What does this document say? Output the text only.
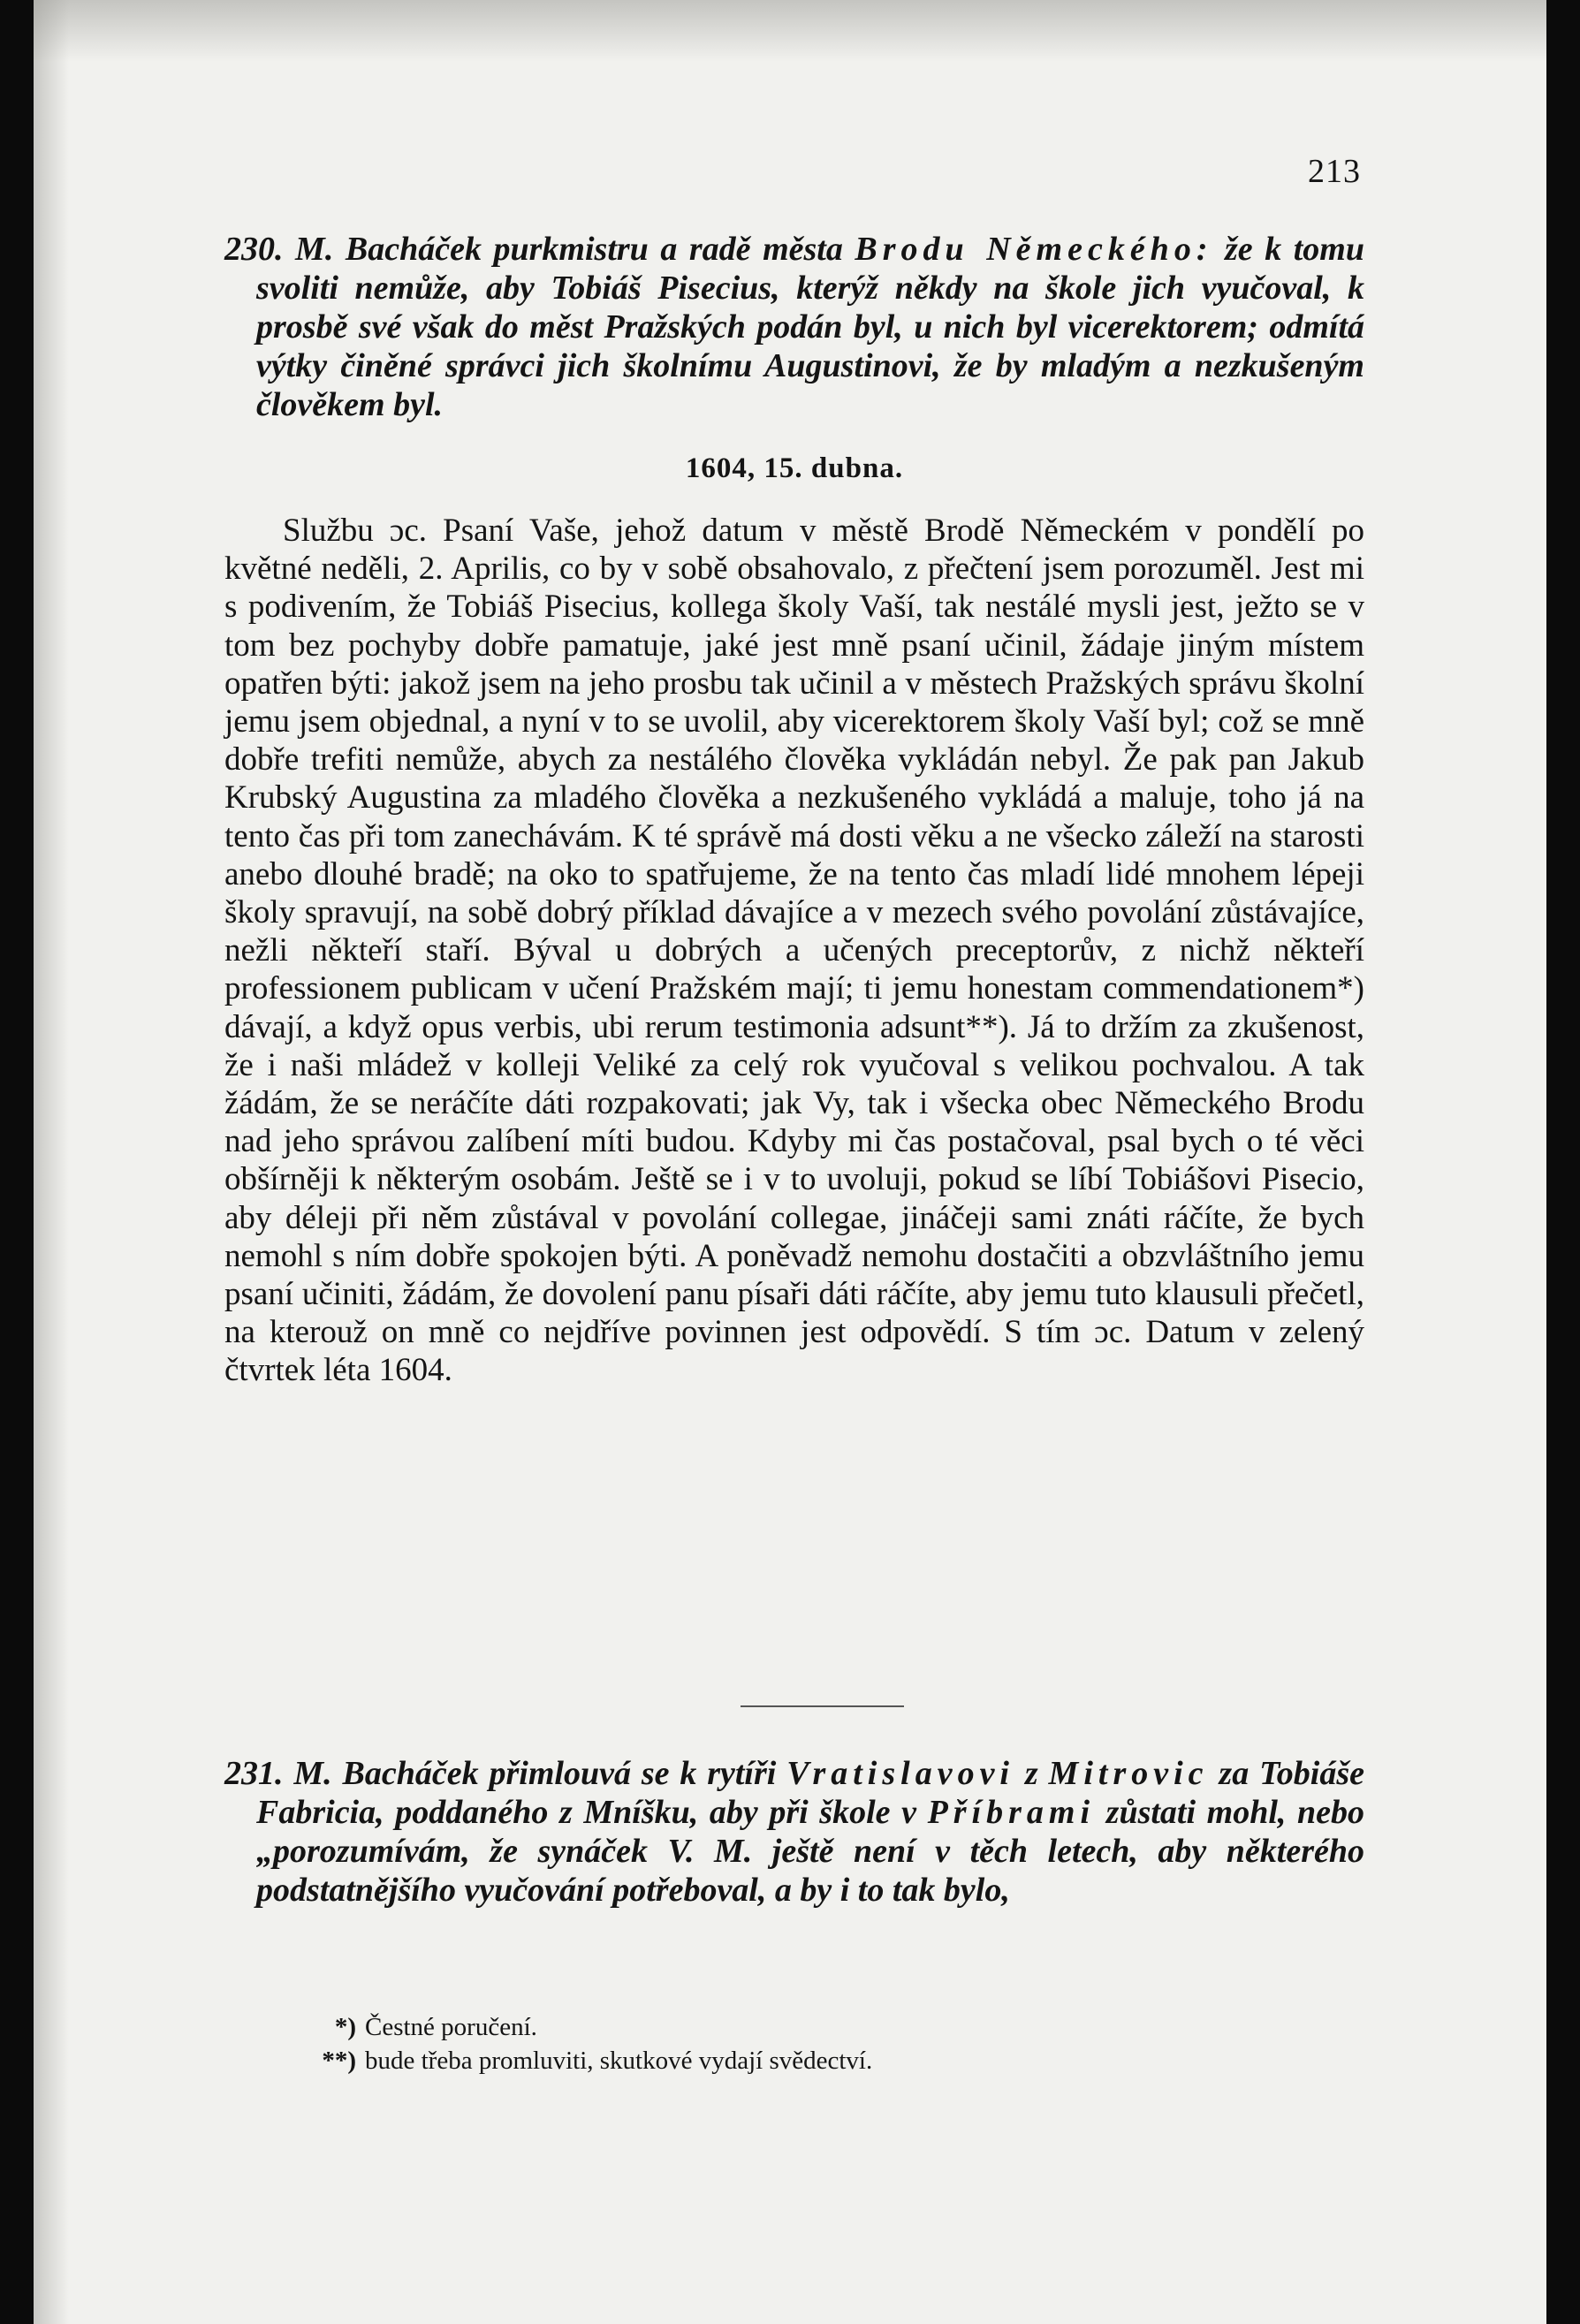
213

230. M. Bacháček purkmistru a radě města Brodu Německého: že k tomu svoliti nemůže, aby Tobiáš Pisecius, kterýž někdy na škole jich vyučoval, k prosbě své však do měst Pražských podán byl, u nich byl vicerektorem; odmítá výtky činěné správci jich školnímu Augustinovi, že by mladým a nezkušeným člověkem byl.

1604, 15. dubna.

Službu ɔc. Psaní Vaše, jehož datum v městě Brodě Německém v pondělí po květné neděli, 2. Aprilis, co by v sobě obsahovalo, z přečtení jsem porozuměl. Jest mi s podivením, že Tobiáš Pisecius, kollega školy Vaší, tak nestálé mysli jest, ježto se v tom bez pochyby dobře pamatuje, jaké jest mně psaní učinil, žádaje jiným místem opatřen býti: jakož jsem na jeho prosbu tak učinil a v městech Pražských správu školní jemu jsem objednal, a nyní v to se uvolil, aby vicerektorem školy Vaší byl; což se mně dobře trefiti nemůže, abych za nestálého člověka vykládán nebyl. Že pak pan Jakub Krubský Augustina za mladého člověka a nezkušeného vykládá a maluje, toho já na tento čas při tom zanechávám. K té správě má dosti věku a ne všecko záleží na starosti anebo dlouhé bradě; na oko to spatřujeme, že na tento čas mladí lidé mnohem lépeji školy spravují, na sobě dobrý příklad dávajíce a v mezech svého povolání zůstávajíce, nežli někteří staří. Býval u dobrých a učených preceptorův, z nichž někteří professionem publicam v učení Pražském mají; ti jemu honestam commendationem*) dávají, a když opus verbis, ubi rerum testimonia adsunt**). Já to držím za zkušenost, že i naši mládež v kolleji Veliké za celý rok vyučoval s velikou pochvalou. A tak žádám, že se neráčíte dáti rozpakovati; jak Vy, tak i všecka obec Německého Brodu nad jeho správou zalíbení míti budou. Kdyby mi čas postačoval, psal bych o té věci obšírněji k některým osobám. Ještě se i v to uvoluji, pokud se líbí Tobiášovi Pisecio, aby déleji při něm zůstával v povolání collegae, jináčeji sami znáti ráčíte, že bych nemohl s ním dobře spokojen býti. A poněvadž nemohu dostačiti a obzvláštního jemu psaní učiniti, žádám, že dovolení panu písaři dáti ráčíte, aby jemu tuto klausuli přečetl, na kterouž on mně co nejdříve povinnen jest odpovědí. S tím ɔc. Datum v zelený čtvrtek léta 1604.

231. M. Bacháček přimlouvá se k rytíři Vratislavovi z Mitrovic za Tobiáše Fabricia, poddaného z Mníšku, aby při škole v Příbrami zůstati mohl, nebo „porozumívám, že synáček V. M. ještě není v těch letech, aby některého podstatnějšího vyučování potřeboval, a by i to tak bylo,

*) Čestné poručení.
**) bude třeba promluviti, skutkové vydají svědectví.
